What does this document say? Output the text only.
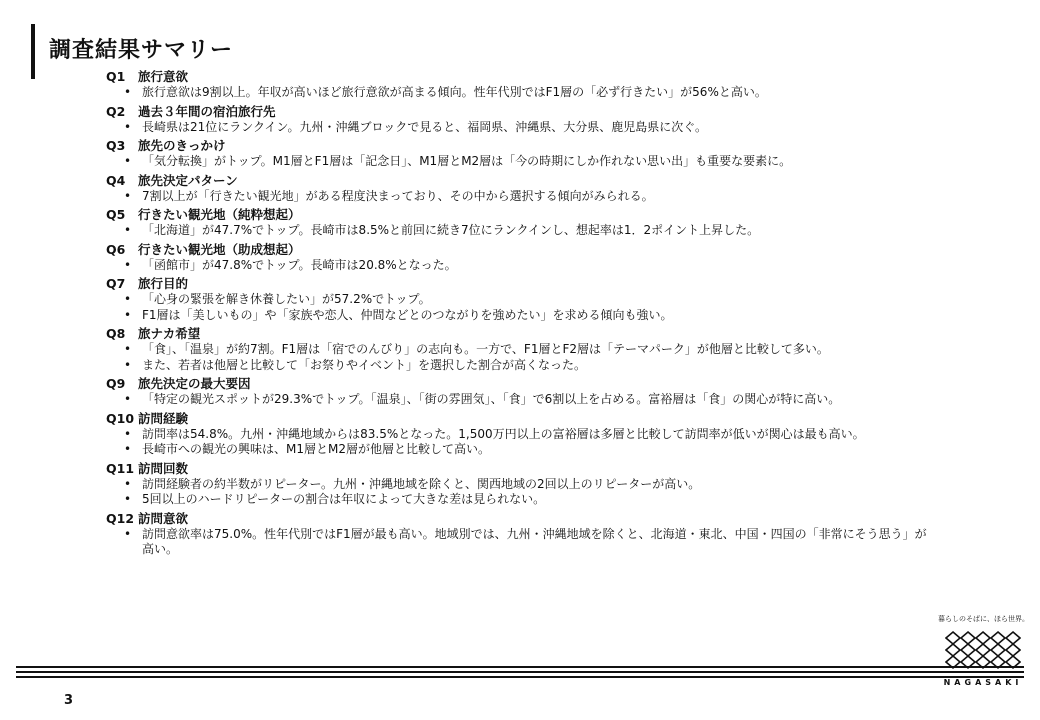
調査結果サマリー
Q1 旅行意欲
• 旅行意欲は9割以上。年収が高いほど旅行意欲が高まる傾向。性年代別ではF1層の「必ず行きたい」が56%と高い。
Q2 過去３年間の宿泊旅行先
• 長崎県は21位にランクイン。九州・沖縄ブロックで見ると、福岡県、沖縄県、大分県、鹿児島県に次ぐ。
Q3 旅先のきっかけ
• 「気分転換」がトップ。M1層とF1層は「記念日」、M1層とM2層は「今の時期にしか作れない思い出」も重要な要素に。
Q4 旅先決定パターン
• 7割以上が「行きたい観光地」がある程度決まっており、その中から選択する傾向がみられる。
Q5 行きたい観光地（純粋想起）
• 「北海道」が47.7%でトップ。長崎市は8.5%と前回に続き7位にランクインし、想起率は1．2ポイント上昇した。
Q6 行きたい観光地（助成想起）
• 「函館市」が47.8%でトップ。長崎市は20.8%となった。
Q7 旅行目的
• 「心身の緊張を解き休養したい」が57.2%でトップ。
• F1層は「美しいもの」や「家族や恋人、仲間などとのつながりを強めたい」を求める傾向も強い。
Q8 旅ナカ希望
• 「食」、「温泉」が約7割。F1層は「宿でのんびり」の志向も。一方で、F1層とF2層は「テーマパーク」が他層と比較して多い。
• また、若者は他層と比較して「お祭りやイベント」を選択した割合が高くなった。
Q9 旅先決定の最大要因
• 「特定の観光スポットが29.3%でトップ。「温泉」、「街の雰囲気」、「食」で6割以上を占める。富裕層は「食」の関心が特に高い。
Q10 訪問経験
• 訪問率は54.8%。九州・沖縄地域からは83.5%となった。1,500万円以上の富裕層は多層と比較して訪問率が低いが関心は最も高い。
• 長崎市への観光の興味は、M1層とM2層が他層と比較して高い。
Q11 訪問回数
• 訪問経験者の約半数がリピーター。九州・沖縄地域を除くと、関西地域の2回以上のリピーターが高い。
• 5回以上のハードリピーターの割合は年収によって大きな差は見られない。
Q12 訪問意欲
• 訪問意欲率は75.0%。性年代別ではF1層が最も高い。地域別では、九州・沖縄地域を除くと、北海道・東北、中国・四国の「非常にそう思う」が高い。
3
暮らしのそばに、ほら世界。
NAGASAKI
